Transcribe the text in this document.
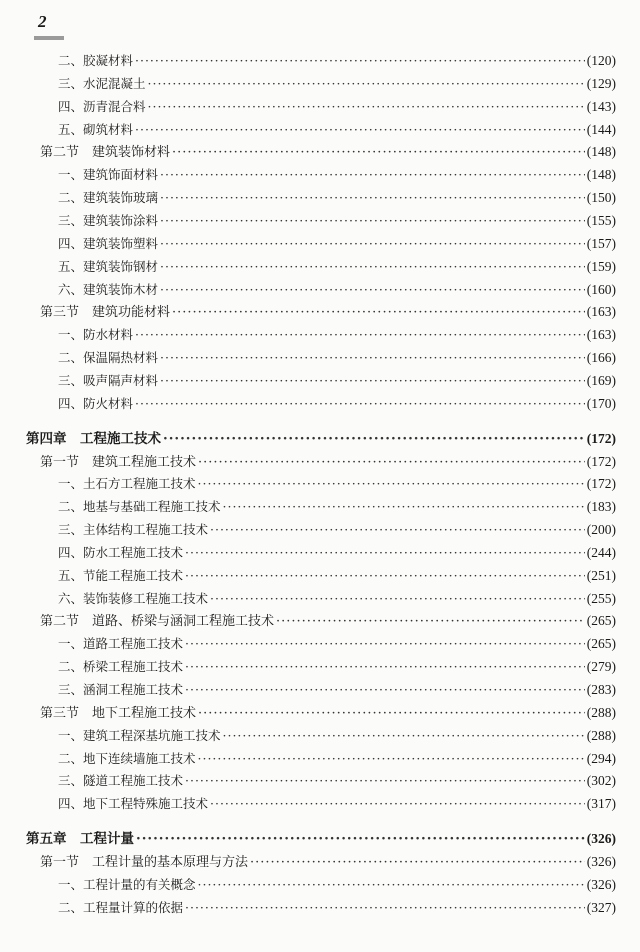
2
二、胶凝材料 ·····	(120)
三、水泥混凝土 ·····	(129)
四、沥青混合料 ·····	(143)
五、砌筑材料 ·····	(144)
第二节　建筑装饰材料 ·····	(148)
一、建筑饰面材料 ·····	(148)
二、建筑装饰玻璃 ·····	(150)
三、建筑装饰涂料 ·····	(155)
四、建筑装饰塑料 ·····	(157)
五、建筑装饰钢材 ·····	(159)
六、建筑装饰木材 ·····	(160)
第三节　建筑功能材料 ·····	(163)
一、防水材料 ·····	(163)
二、保温隔热材料 ·····	(166)
三、吸声隔声材料 ·····	(169)
四、防火材料 ·····	(170)
第四章　工程施工技术 ·····	(172)
第一节　建筑工程施工技术 ·····	(172)
一、土石方工程施工技术 ·····	(172)
二、地基与基础工程施工技术 ·····	(183)
三、主体结构工程施工技术 ·····	(200)
四、防水工程施工技术 ·····	(244)
五、节能工程施工技术 ·····	(251)
六、装饰装修工程施工技术 ·····	(255)
第二节　道路、桥梁与涵洞工程施工技术 ·····	(265)
一、道路工程施工技术 ·····	(265)
二、桥梁工程施工技术 ·····	(279)
三、涵洞工程施工技术 ·····	(283)
第三节　地下工程施工技术 ·····	(288)
一、建筑工程深基坑施工技术 ·····	(288)
二、地下连续墙施工技术 ·····	(294)
三、隧道工程施工技术 ·····	(302)
四、地下工程特殊施工技术 ·····	(317)
第五章　工程计量 ·····	(326)
第一节　工程计量的基本原理与方法 ·····	(326)
一、工程计量的有关概念 ·····	(326)
二、工程量计算的依据 ·····	(327)
